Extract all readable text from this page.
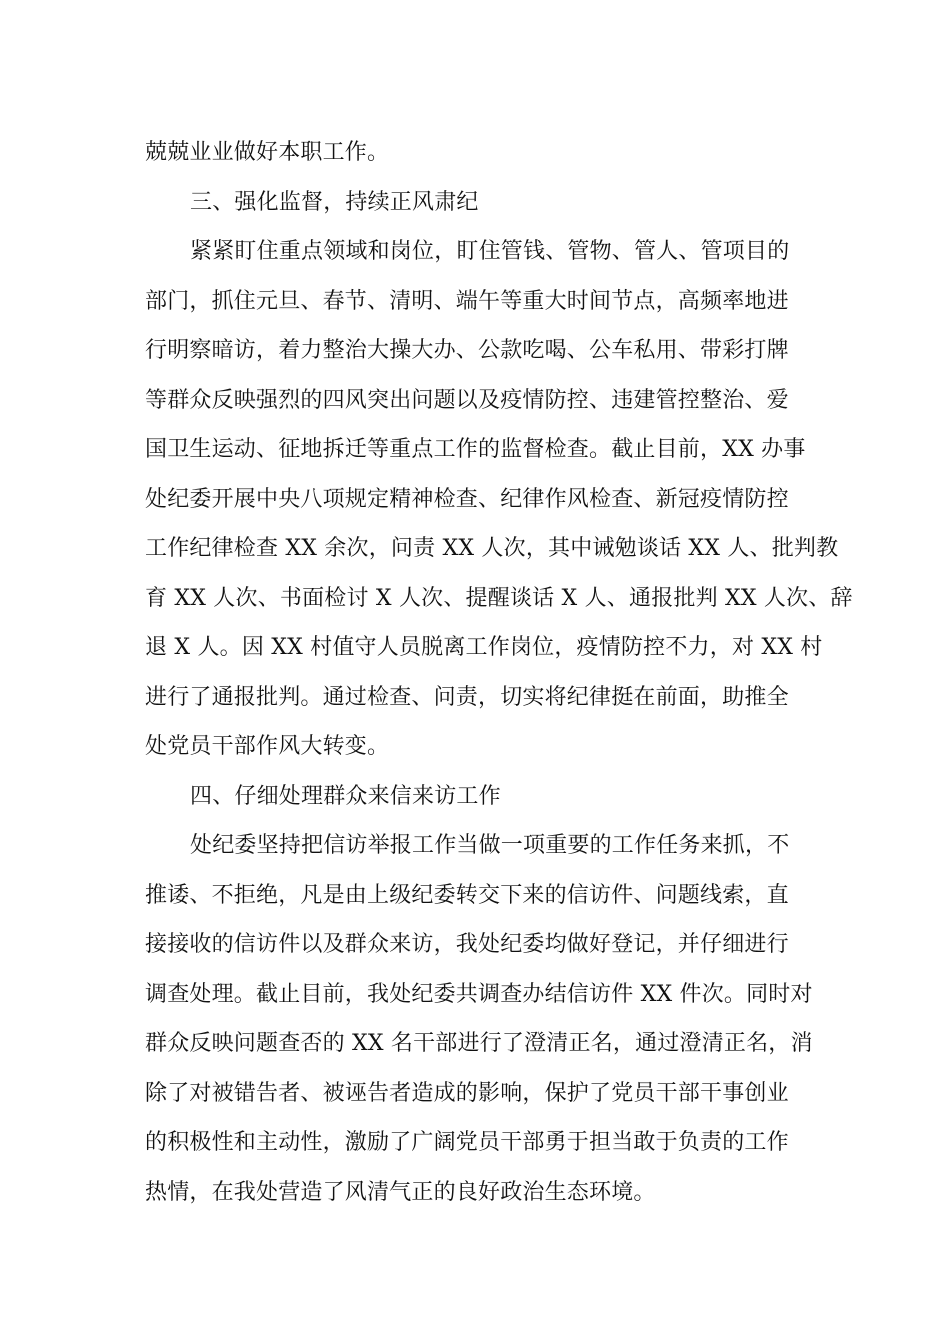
兢兢业业做好本职工作。
三、强化监督，持续正风肃纪
紧紧盯住重点领域和岗位，盯住管钱、管物、管人、管项目的
部门，抓住元旦、春节、清明、端午等重大时间节点，高频率地进
行明察暗访，着力整治大操大办、公款吃喝、公车私用、带彩打牌
等群众反映强烈的四风突出问题以及疫情防控、违建管控整治、爱
国卫生运动、征地拆迁等重点工作的监督检查。截止目前，XX 办事
处纪委开展中央八项规定精神检查、纪律作风检查、新冠疫情防控
工作纪律检查 XX 余次，问责 XX 人次，其中诫勉谈话 XX 人、批判教
育 XX 人次、书面检讨 X 人次、提醒谈话 X 人、通报批判 XX 人次、辞
退 X 人。因 XX 村值守人员脱离工作岗位，疫情防控不力，对 XX 村
进行了通报批判。通过检查、问责，切实将纪律挺在前面，助推全
处党员干部作风大转变。
四、仔细处理群众来信来访工作
处纪委坚持把信访举报工作当做一项重要的工作任务来抓，不
推诿、不拒绝，凡是由上级纪委转交下来的信访件、问题线索，直
接接收的信访件以及群众来访，我处纪委均做好登记，并仔细进行
调查处理。截止目前，我处纪委共调查办结信访件 XX 件次。同时对
群众反映问题查否的 XX 名干部进行了澄清正名，通过澄清正名，消
除了对被错告者、被诬告者造成的影响，保护了党员干部干事创业
的积极性和主动性，激励了广阔党员干部勇于担当敢于负责的工作
热情，在我处营造了风清气正的良好政治生态环境。
